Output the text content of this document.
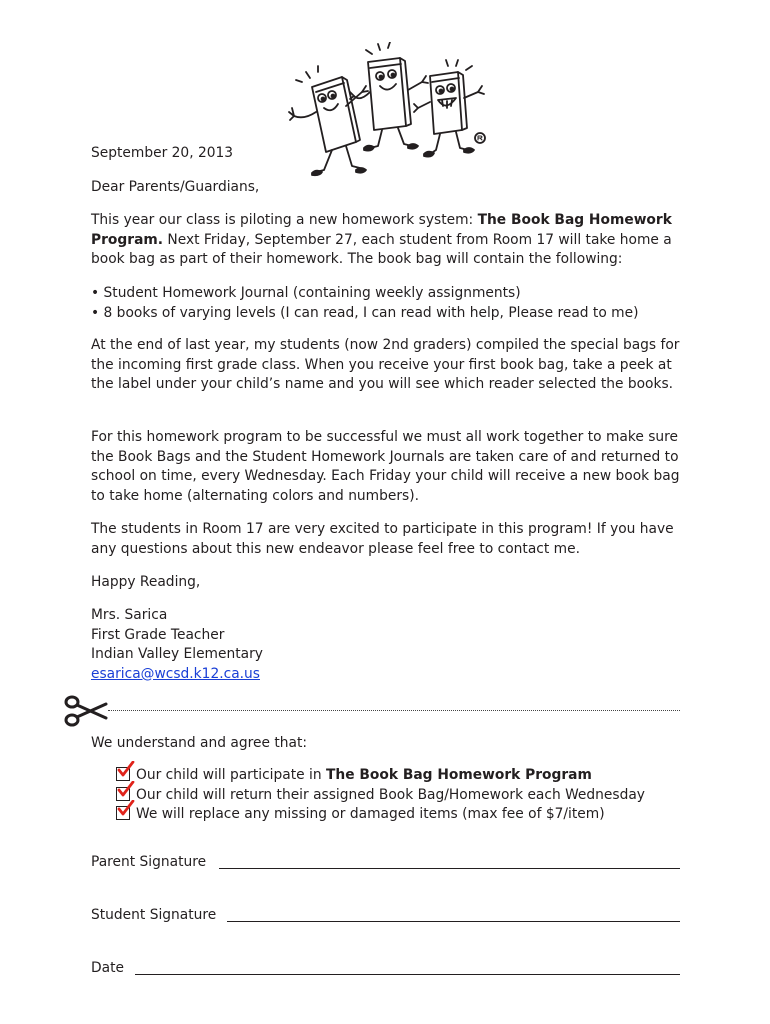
September 20, 2013
Dear Parents/Guardians,

This year our class is piloting a new homework system: The Book Bag Homework Program. Next Friday, September 27, each student from Room 17 will take home a book bag as part of their homework. The book bag will contain the following:

• Student Homework Journal (containing weekly assignments)
• 8 books of varying levels (I can read, I can read with help, Please read to me)

At the end of last year, my students (now 2nd graders) compiled the special bags for the incoming first grade class. When you receive your first book bag, take a peek at the label under your child’s name and you will see which reader selected the books.

For this homework program to be successful we must all work together to make sure the Book Bags and the Student Homework Journals are taken care of and returned to school on time, every Wednesday. Each Friday your child will receive a new book bag to take home (alternating colors and numbers).

The students in Room 17 are very excited to participate in this program! If you have any questions about this new endeavor please feel free to contact me.

Happy Reading,
Mrs. Sarica
First Grade Teacher
Indian Valley Elementary
esarica@wcsd.k12.ca.us
We understand and agree that:
Our child will participate in The Book Bag Homework Program
Our child will return their assigned Book Bag/Homework each Wednesday
We will replace any missing or damaged items (max fee of $7/item)
Parent Signature
Student Signature
Date
